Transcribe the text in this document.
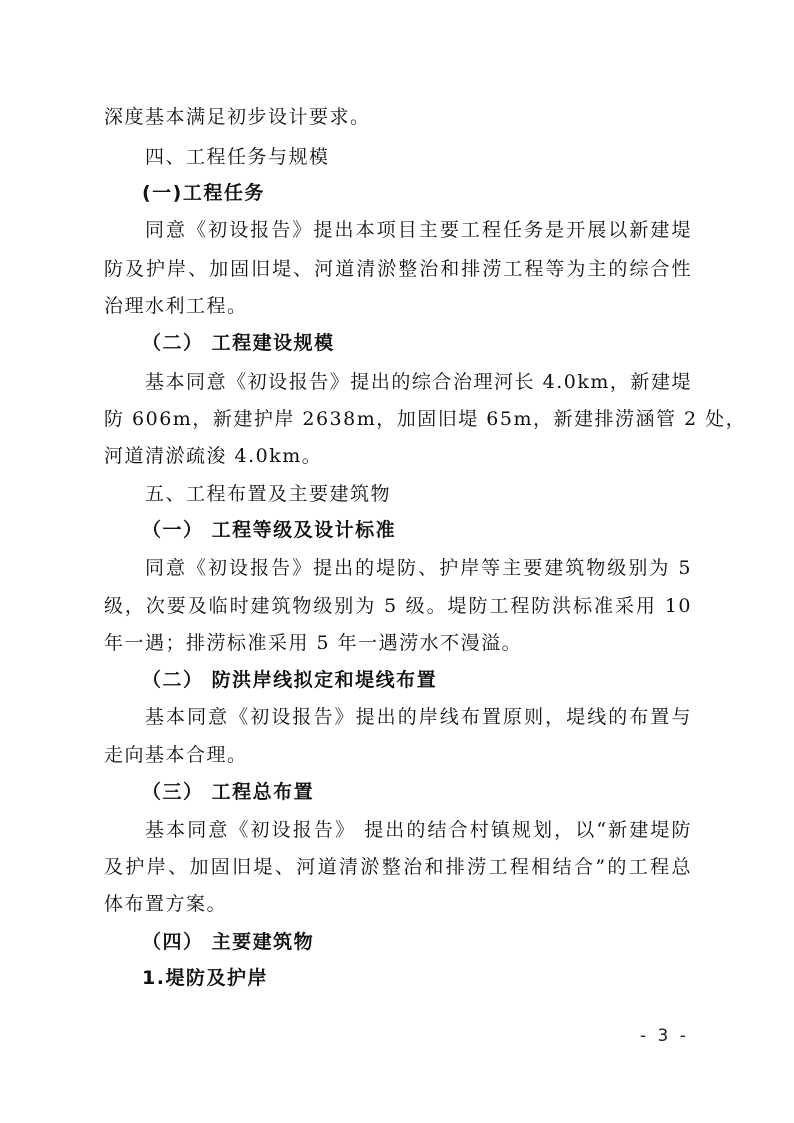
深度基本满足初步设计要求。
四、工程任务与规模
(一)工程任务
同意《初设报告》提出本项目主要工程任务是开展以新建堤
防及护岸、加固旧堤、河道清淤整治和排涝工程等为主的综合性
治理水利工程。
（二） 工程建设规模
基本同意《初设报告》提出的综合治理河长 4.0km，新建堤
防 606m，新建护岸 2638m，加固旧堤 65m，新建排涝涵管 2 处，
河道清淤疏浚 4.0km。
五、工程布置及主要建筑物
（一） 工程等级及设计标准
同意《初设报告》提出的堤防、护岸等主要建筑物级别为 5
级，次要及临时建筑物级别为 5 级。堤防工程防洪标准采用 10
年一遇；排涝标准采用 5 年一遇涝水不漫溢。
（二） 防洪岸线拟定和堤线布置
基本同意《初设报告》提出的岸线布置原则，堤线的布置与
走向基本合理。
（三） 工程总布置
基本同意《初设报告》 提出的结合村镇规划，以“新建堤防
及护岸、加固旧堤、河道清淤整治和排涝工程相结合”的工程总
体布置方案。
（四） 主要建筑物
1.堤防及护岸
- 3 -
